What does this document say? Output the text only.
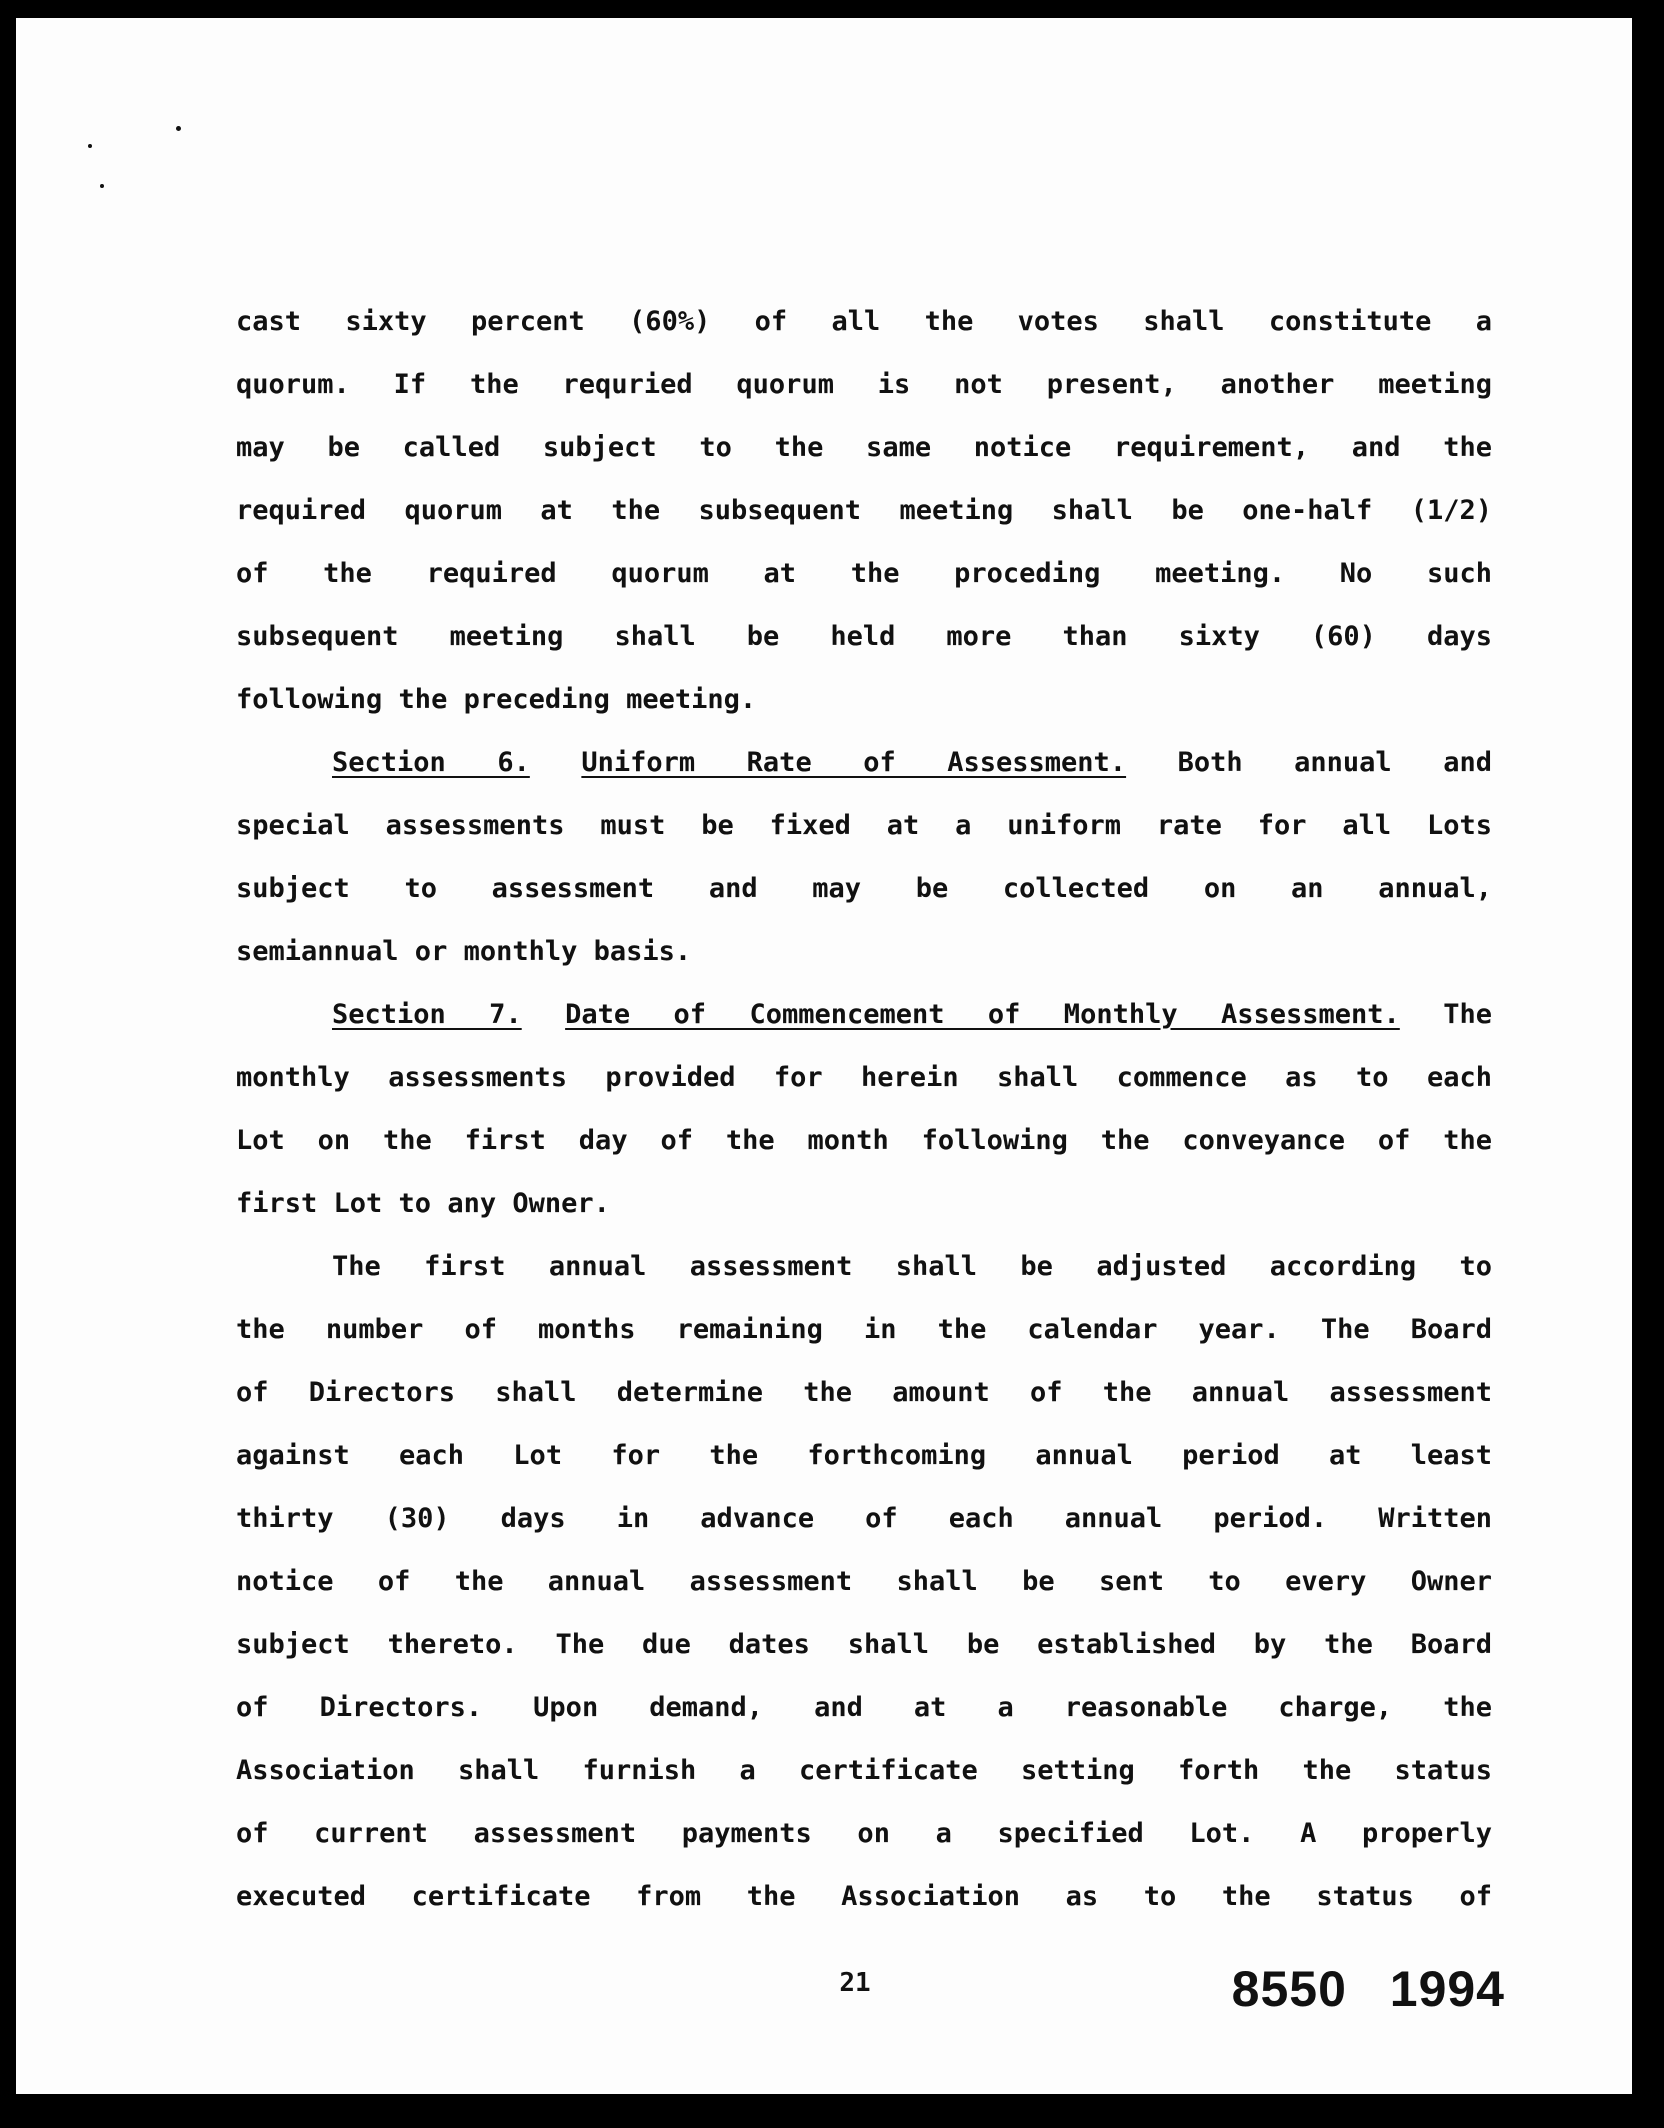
cast sixty percent (60%) of all the votes shall constitute a
quorum. If the requried quorum is not present, another meeting
may be called subject to the same notice requirement, and the
required quorum at the subsequent meeting shall be one-half (1/2)
of the required quorum at the proceding meeting. No such
subsequent meeting shall be held more than sixty (60) days
following the preceding meeting.
Section 6. Uniform Rate of Assessment. Both annual and
special assessments must be fixed at a uniform rate for all Lots
subject to assessment and may be collected on an annual,
semiannual or monthly basis.
Section 7. Date of Commencement of Monthly Assessment. The
monthly assessments provided for herein shall commence as to each
Lot on the first day of the month following the conveyance of the
first Lot to any Owner.
The first annual assessment shall be adjusted according to
the number of months remaining in the calendar year. The Board
of Directors shall determine the amount of the annual assessment
against each Lot for the forthcoming annual period at least
thirty (30) days in advance of each annual period. Written
notice of the annual assessment shall be sent to every Owner
subject thereto. The due dates shall be established by the Board
of Directors. Upon demand, and at a reasonable charge, the
Association shall furnish a certificate setting forth the status
of current assessment payments on a specified Lot. A properly
executed certificate from the Association as to the status of
21	8550 1994
